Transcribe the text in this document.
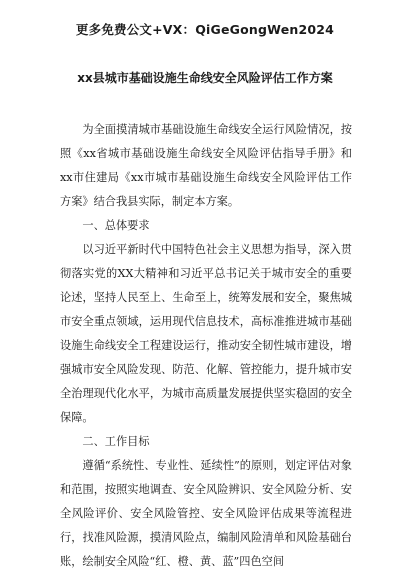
更多免费公文+VX：QiGeGongWen2024
xx县城市基础设施生命线安全风险评估工作方案

为全面摸清城市基础设施生命线安全运行风险情况，按照《xx省城市基础设施生命线安全风险评估指导手册》和xx市住建局《xx市城市基础设施生命线安全风险评估工作方案》结合我县实际，制定本方案。

一、总体要求

以习近平新时代中国特色社会主义思想为指导，深入贯彻落实党的XX大精神和习近平总书记关于城市安全的重要论述，坚持人民至上、生命至上，统筹发展和安全，聚焦城市安全重点领域，运用现代信息技术，高标准推进城市基础设施生命线安全工程建设运行，推动安全韧性城市建设，增强城市安全风险发现、防范、化解、管控能力，提升城市安全治理现代化水平，为城市高质量发展提供坚实稳固的安全保障。

二、工作目标

遵循“系统性、专业性、延续性”的原则，划定评估对象和范围，按照实地调查、安全风险辨识、安全风险分析、安全风险评价、安全风险管控、安全风险评估成果等流程进行，找准风险源，摸清风险点，编制风险清单和风险基础台账，绘制安全风险“红、橙、黄、蓝”四色空间
